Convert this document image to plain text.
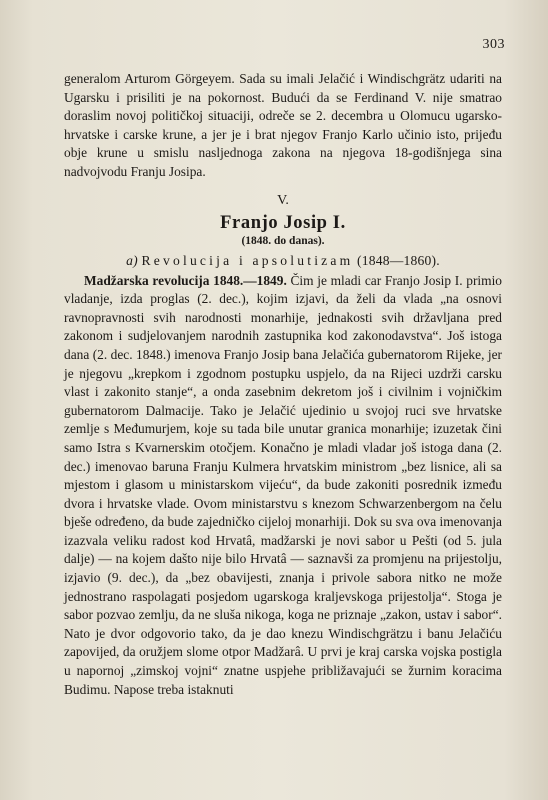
303

generalom Arturom Görgeyem. Sada su imali Jelačić i Windischgrätz udariti na Ugarsku i prisiliti je na pokornost. Budući da se Ferdinand V. nije smatrao doraslim novoj političkoj situaciji, odreče se 2. decembra u Olomucu ugarsko-hrvatske i carske krune, a jer je i brat njegov Franjo Karlo učinio isto, prijeđu obje krune u smislu nasljednoga zakona na njegova 18-godišnjega sina nadvojvodu Franju Josipa.

V.
Franjo Josip I.
(1848. do danas).
a) Revolucija i apsolutizam (1848—1860).

Madžarska revolucija 1848.—1849. Čim je mladi car Franjo Josip I. primio vladanje, izda proglas (2. dec.), kojim izjavi, da želi da vlada „na osnovi ravnopravnosti svih narodnosti monarhije, jednakosti svih državljana pred zakonom i sudjelovanjem narodnih zastupnika kod zakonodavstva“. Još istoga dana (2. dec. 1848.) imenova Franjo Josip bana Jelačića gubernatorom Rijeke, jer je njegovu „krepkom i zgodnom postupku uspjelo, da na Rijeci uzdrži carsku vlast i zakonito stanje“, a onda zasebnim dekretom još i civilnim i vojničkim gubernatorom Dalmacije. Tako je Jelačić ujedinio u svojoj ruci sve hrvatske zemlje s Međumurjem, koje su tada bile unutar granica monarhije; izuzetak čini samo Istra s Kvarnerskim otočjem. Konačno je mladi vladar još istoga dana (2. dec.) imenovao baruna Franju Kulmera hrvatskim ministrom „bez lisnice, ali sa mjestom i glasom u ministarskom vijeću“, da bude zakoniti posrednik između dvora i hrvatske vlade. Ovom ministarstvu s knezom Schwarzenbergom na čelu bješe određeno, da bude zajedničko cijeloj monarhiji. Dok su sva ova imenovanja izazvala veliku radost kod Hrvatâ, madžarski je novi sabor u Pešti (od 5. jula dalje) — na kojem dašto nije bilo Hrvatâ — saznavši za promjenu na prijestolju, izjavio (9. dec.), da „bez obavijesti, znanja i privole sabora nitko ne može jednostrano raspolagati posjedom ugarskoga kraljevskoga prijestolja“. Stoga je sabor pozvao zemlju, da ne sluša nikoga, koga ne priznaje „zakon, ustav i sabor“. Nato je dvor odgovorio tako, da je dao knezu Windischgrätzu i banu Jelačiću zapovijed, da oružjem slome otpor Madžarâ. U prvi je kraj carska vojska postigla u napornoj „zimskoj vojni“ znatne uspjehe približavajući se žurnim koracima Budimu. Napose treba istaknuti
